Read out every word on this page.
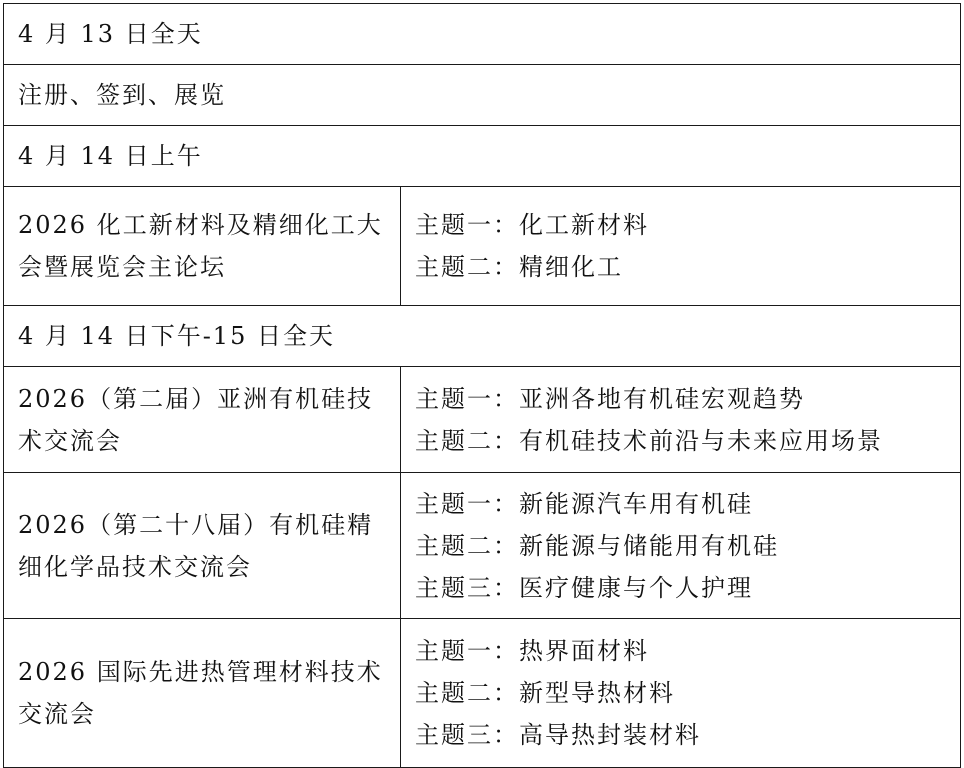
4 月 13 日全天	

注册、签到、展览	

4 月 14 日上午	

2026 化工新材料及精细化工大会暨展览会主论坛	主题一：化工新材料
主题二：精细化工

4 月 14 日下午-15 日全天	

2026（第二届）亚洲有机硅技术交流会	主题一：亚洲各地有机硅宏观趋势
主题二：有机硅技术前沿与未来应用场景

2026（第二十八届）有机硅精细化学品技术交流会	主题一：新能源汽车用有机硅
主题二：新能源与储能用有机硅
主题三：医疗健康与个人护理

2026 国际先进热管理材料技术交流会	主题一：热界面材料
主题二：新型导热材料
主题三：高导热封装材料
